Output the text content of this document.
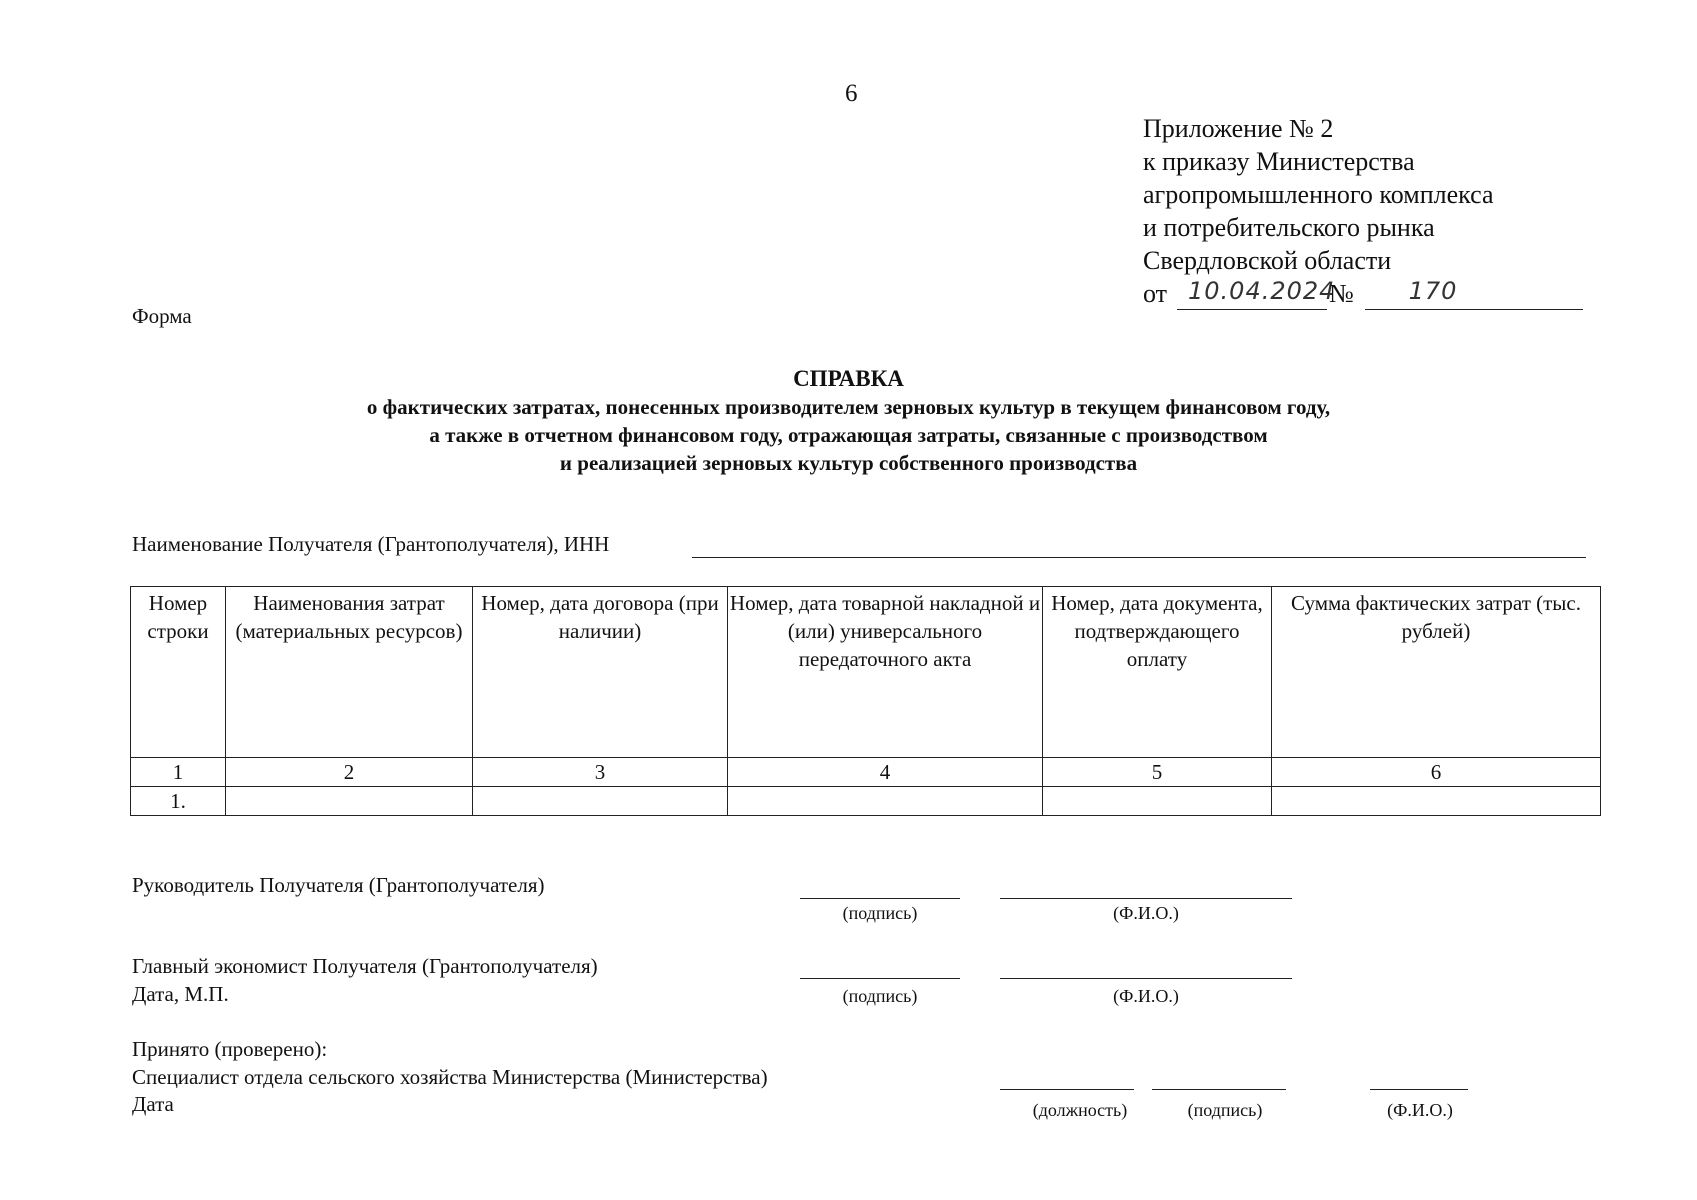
6
Приложение № 2
к приказу Министерства
агропромышленного комплекса
и потребительского рынка
Свердловской области
от 10.04.2024
№	170
Форма
СПРАВКА
о фактических затратах, понесенных производителем зерновых культур в текущем финансовом году,
а также в отчетном финансовом году, отражающая затраты, связанные с производством
и реализацией зерновых культур собственного производства
Наименование Получателя (Грантополучателя), ИНН
Номер строки	Наименования затрат (материальных ресурсов)	Номер, дата договора (при наличии)	Номер, дата товарной накладной и (или) универсального передаточного акта	Номер, дата документа, подтверждающего оплату	Сумма фактических затрат (тыс. рублей)
1	2	3	4	5	6
1.					
Руководитель Получателя (Грантополучателя)
(подпись)	(Ф.И.О.)
Главный экономист Получателя (Грантополучателя)
Дата, М.П.	(подпись)	(Ф.И.О.)
Принято (проверено):
Специалист отдела сельского хозяйства Министерства (Министерства)
Дата	(должность)	(подпись)	(Ф.И.О.)
